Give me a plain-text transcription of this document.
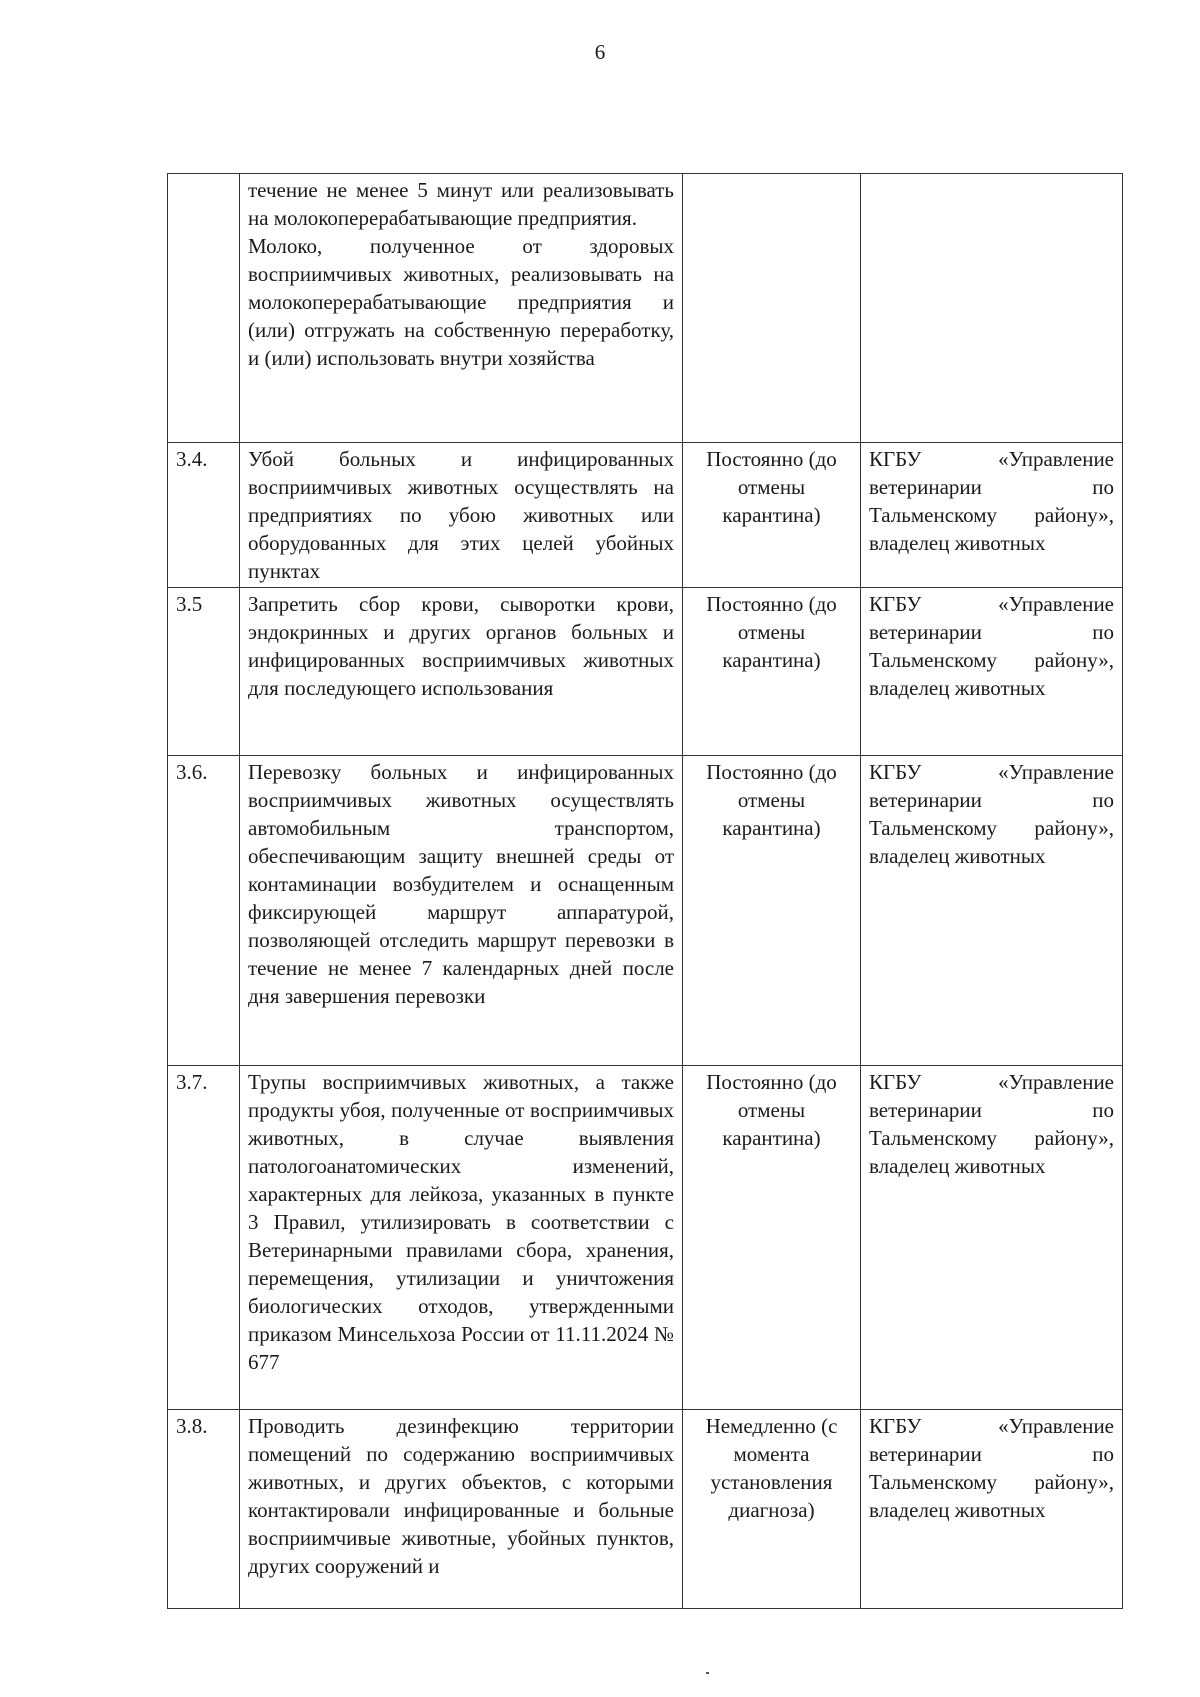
6
	течение не менее 5 минут или реализовывать на молокоперерабатывающие предприятия.
Молоко, полученное от здоровых восприимчивых животных, реализовывать на молокоперерабатывающие предприятия и (или) отгружать на собственную переработку, и (или) использовать внутри хозяйства		
3.4.	Убой больных и инфицированных восприимчивых животных осуществлять на предприятиях по убою животных или оборудованных для этих целей убойных пунктах	Постоянно (до отмены карантина)	КГБУ «Управление ветеринарии по Тальменскому району», владелец животных
3.5	Запретить сбор крови, сыворотки крови, эндокринных и других органов больных и инфицированных восприимчивых животных для последующего использования	Постоянно (до отмены карантина)	КГБУ «Управление ветеринарии по Тальменскому району», владелец животных
3.6.	Перевозку больных и инфицированных восприимчивых животных осуществлять автомобильным транспортом, обеспечивающим защиту внешней среды от контаминации возбудителем и оснащенным фиксирующей маршрут аппаратурой, позволяющей отследить маршрут перевозки в течение не менее 7 календарных дней после дня завершения перевозки	Постоянно (до отмены карантина)	КГБУ «Управление ветеринарии по Тальменскому району», владелец животных
3.7.	Трупы восприимчивых животных, а также продукты убоя, полученные от восприимчивых животных, в случае выявления патологоанатомических изменений, характерных для лейкоза, указанных в пункте 3 Правил, утилизировать в соответствии с Ветеринарными правилами сбора, хранения, перемещения, утилизации и уничтожения биологических отходов, утвержденными приказом Минсельхоза России от 11.11.2024 № 677	Постоянно (до отмены карантина)	КГБУ «Управление ветеринарии по Тальменскому району», владелец животных
3.8.	Проводить дезинфекцию территории помещений по содержанию восприимчивых животных, и других объектов, с которыми контактировали инфицированные и больные восприимчивые животные, убойных пунктов, других сооружений и	Немедленно (с момента установления диагноза)	КГБУ «Управление ветеринарии по Тальменскому району», владелец животных
